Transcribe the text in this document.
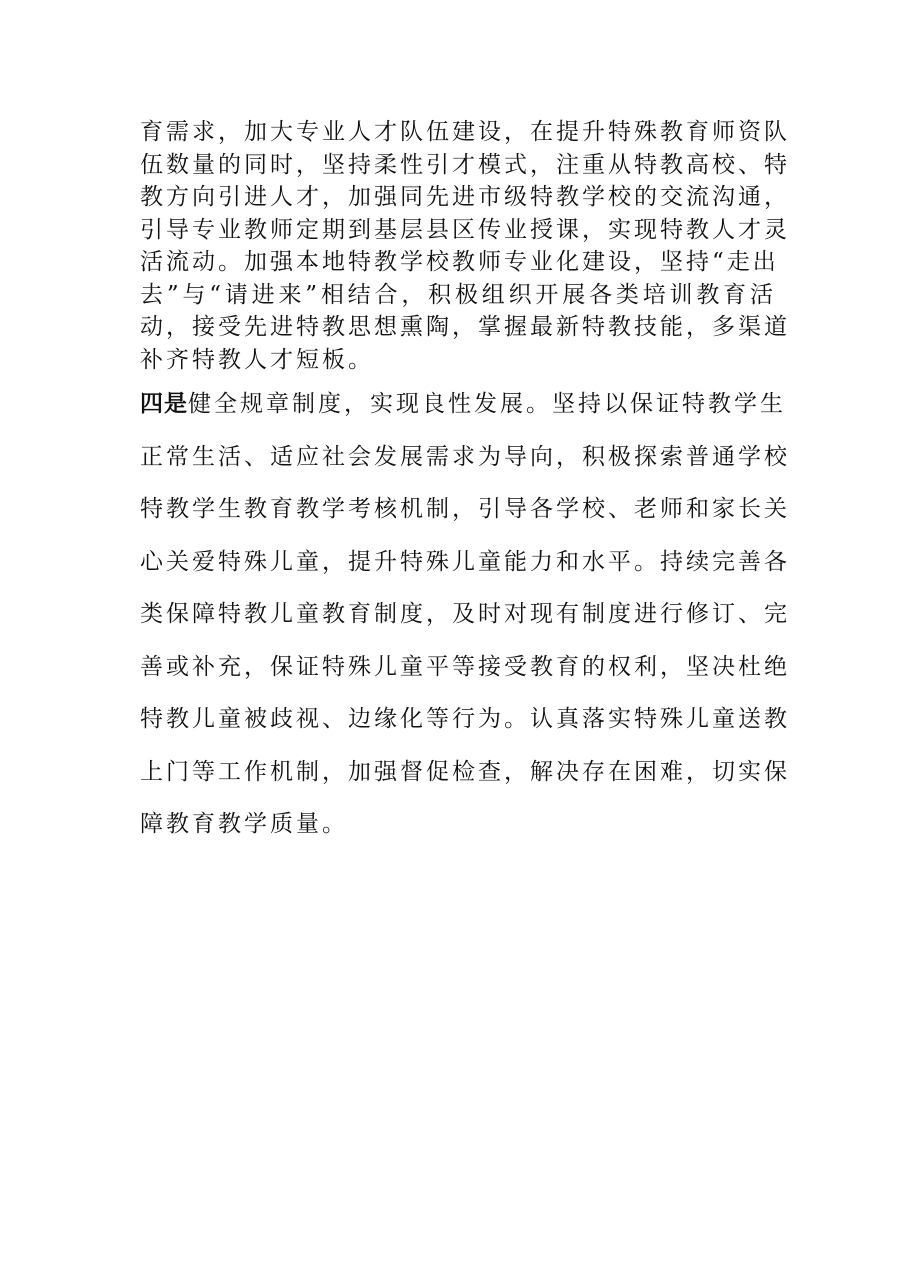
育需求，加大专业人才队伍建设，在提升特殊教育师资队
伍数量的同时，坚持柔性引才模式，注重从特教高校、特
教方向引进人才，加强同先进市级特教学校的交流沟通，
引导专业教师定期到基层县区传业授课，实现特教人才灵
活流动。加强本地特教学校教师专业化建设，坚持“走出
去”与“请进来”相结合，积极组织开展各类培训教育活
动，接受先进特教思想熏陶，掌握最新特教技能，多渠道
补齐特教人才短板。
四是健全规章制度，实现良性发展。坚持以保证特教学生
正常生活、适应社会发展需求为导向，积极探索普通学校
特教学生教育教学考核机制，引导各学校、老师和家长关
心关爱特殊儿童，提升特殊儿童能力和水平。持续完善各
类保障特教儿童教育制度，及时对现有制度进行修订、完
善或补充，保证特殊儿童平等接受教育的权利，坚决杜绝
特教儿童被歧视、边缘化等行为。认真落实特殊儿童送教
上门等工作机制，加强督促检查，解决存在困难，切实保
障教育教学质量。
